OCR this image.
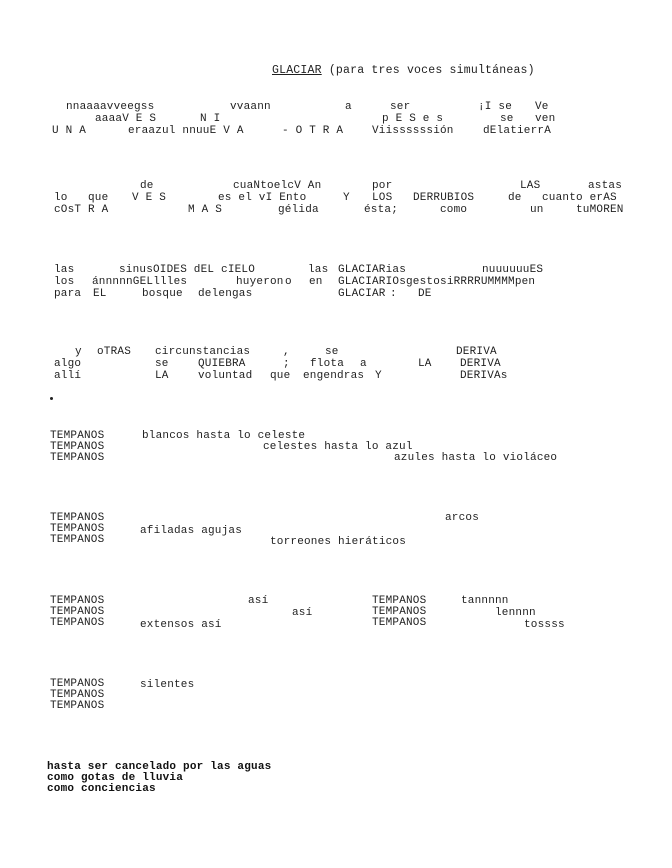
GLACIAR (para tres voces simultáneas)
nnaaaavveegss	vvaann	a	ser	¡I se Ve
aaaaV E S	N I	p E S e s	se ven
U N A	eraazul nnuuE V A	- O T R A	Viissssssión	dElatierrA
de	cuaNtoelcV An	por	LAS	astas
lo que V E S	es el vI Ento	Y LOS DERRUBIOS	de cuanto erAS
cOsT R A	M A S	gélida	ésta;	como	un	tuMOREN
las	sinusOIDES dEL cIELO	las GLACIARias	nuuuuuuES
los ánnnnnGELllles	huyeron o en GLACIARIOsgestosiRRRRUMMMMpen
para EL	bosque delengas	GLACIAR : DE
y oTRAS circunstancias	,	se	DERIVA
algo	se	QUIEBRA	; flota a	LA	DERIVA
allí	LA	voluntad que engendras Y	DERIVAs
TEMPANOS	blancos hasta lo celeste
TEMPANOS	celestes hasta lo azul
TEMPANOS	azules hasta lo violáceo
TEMPANOS	arcos
TEMPANOS	afiladas agujas
TEMPANOS	torreones hieráticos
TEMPANOS	así	TEMPANOS	tannnnn
TEMPANOS	así	TEMPANOS	lennnn
TEMPANOS	extensos así	TEMPANOS	tossss
TEMPANOS	silentes
TEMPANOS
TEMPANOS
hasta ser cancelado por las aguas
como gotas de lluvia
como conciencias
